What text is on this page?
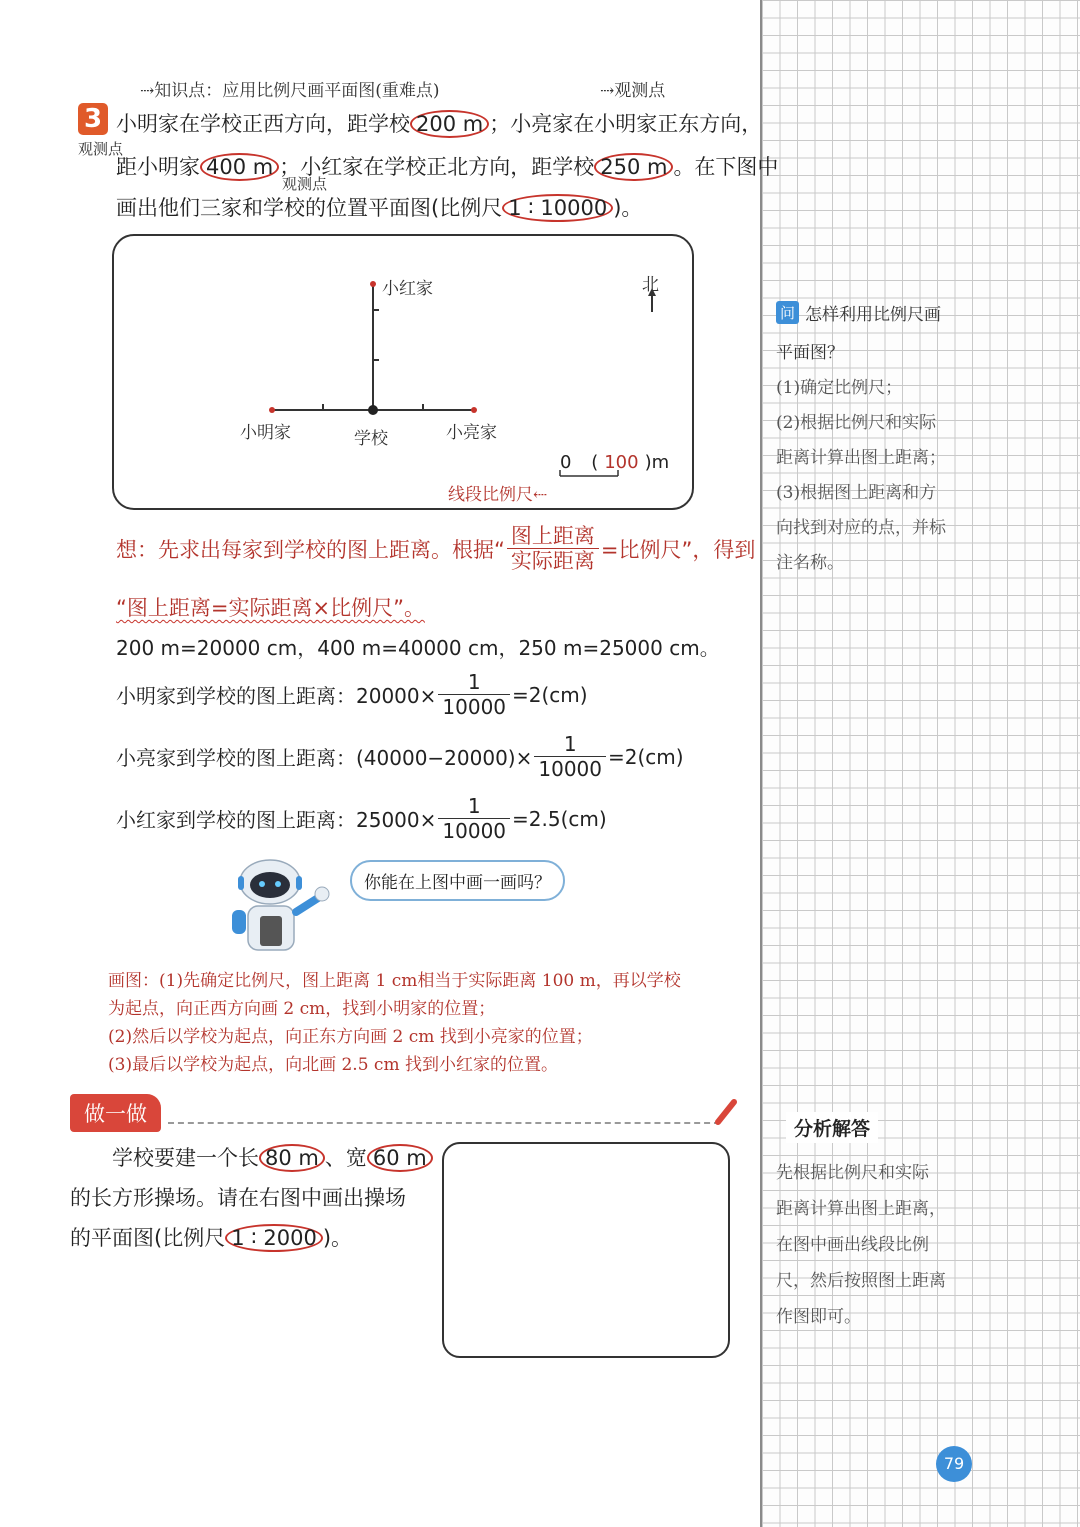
⇢知识点：应用比例尺画平面图(重难点)	⇢观测点
观测点
观测点
3 小明家在学校正西方向，距学校 200 m ；小亮家在小明家正东方向，
距小明家 400 m ；小红家在学校正北方向，距学校 250 m 。在下图中
画出他们三家和学校的位置平面图(比例尺 1 ∶ 10000 )。
小红家	北
小明家	学校	小亮家
0 ( 100 )m
线段比例尺⇠
想：先求出每家到学校的图上距离。根据“ $\frac{\text{图上距离}}{\text{实际距离}}$ =比例尺”，得到
“图上距离=实际距离×比例尺”。
200 m=20000 cm，400 m=40000 cm，250 m=25000 cm。
小明家到学校的图上距离：$20000\times \frac{1}{10000} =2(cm)$
小亮家到学校的图上距离：$(40000-20000)\times \frac{1}{10000} =2(cm)$
小红家到学校的图上距离：$25000\times \frac{1}{10000} =2.5(cm)$
你能在上图中画一画吗？
画图：(1)先确定比例尺，图上距离 1 cm相当于实际距离 100 m，再以学校
为起点，向正西方向画 2 cm，找到小明家的位置；
(2)然后以学校为起点，向正东方向画 2 cm 找到小亮家的位置；
(3)最后以学校为起点，向北画 2.5 cm 找到小红家的位置。
做一做
学校要建一个长 80 m 、宽 60 m
的长方形操场。请在右图中画出操场
的平面图(比例尺 1 ∶ 2000 )。
问 怎样利用比例尺画
平面图？
(1)确定比例尺；
(2)根据比例尺和实际
距离计算出图上距离；
(3)根据图上距离和方
向找到对应的点，并标
注名称。
分析解答
先根据比例尺和实际
距离计算出图上距离，
在图中画出线段比例
尺，然后按照图上距离
作图即可。
79
